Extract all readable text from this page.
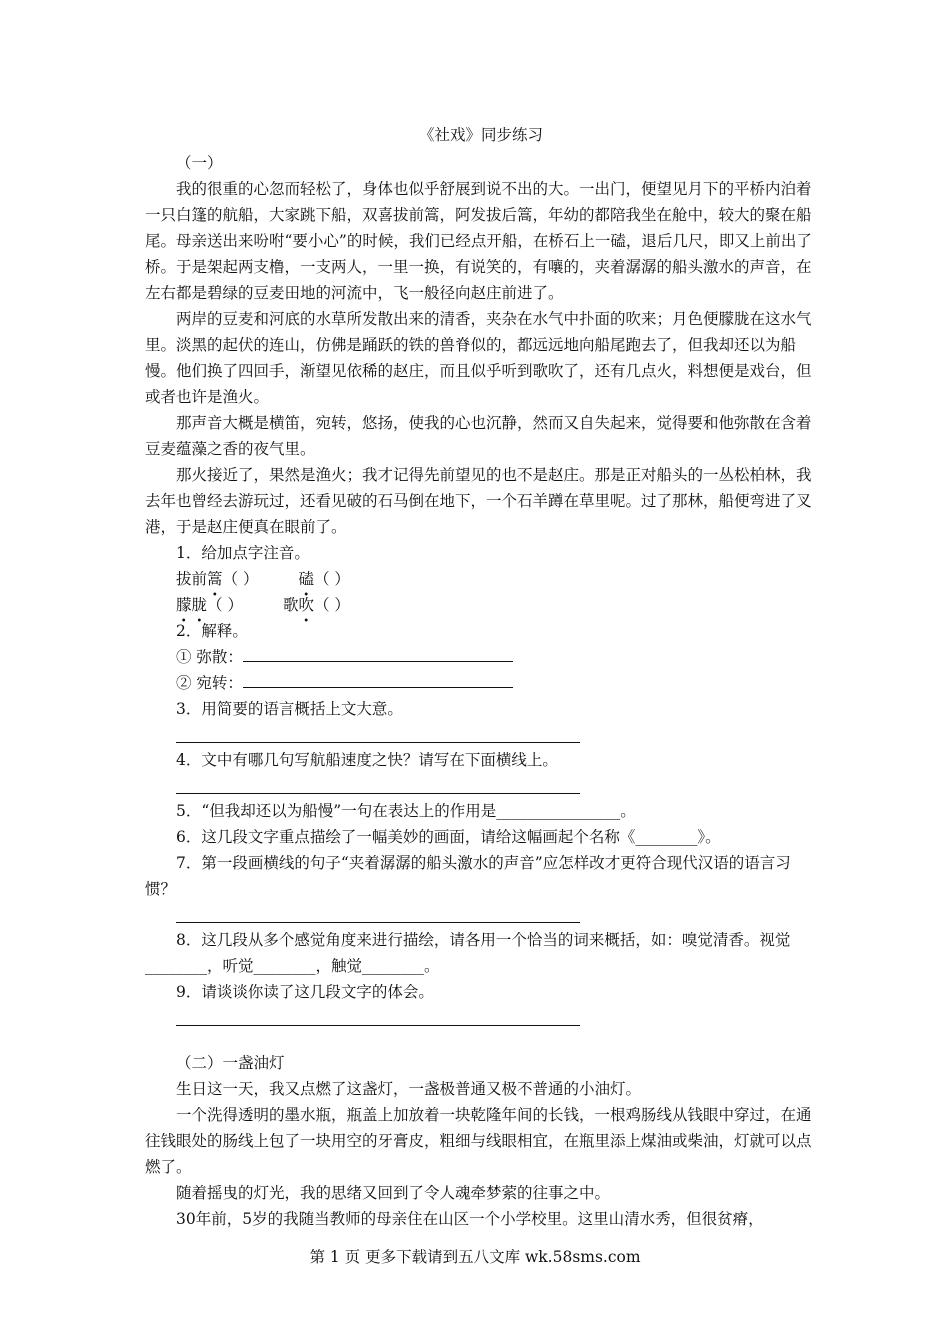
《社戏》同步练习

（一）

我的很重的心忽而轻松了，身体也似乎舒展到说不出的大。一出门，便望见月下的平桥内泊着一只白篷的航船，大家跳下船，双喜拔前篙，阿发拔后篙，年幼的都陪我坐在舱中，较大的聚在船尾。母亲送出来吩咐“要小心”的时候，我们已经点开船，在桥石上一磕，退后几尺，即又上前出了桥。于是架起两支橹，一支两人，一里一换，有说笑的，有嚷的，夹着潺潺的船头激水的声音，在左右都是碧绿的豆麦田地的河流中，飞一般径向赵庄前进了。

两岸的豆麦和河底的水草所发散出来的清香，夹杂在水气中扑面的吹来；月色便朦胧在这水气里。淡黑的起伏的连山，仿佛是踊跃的铁的兽脊似的，都远远地向船尾跑去了，但我却还以为船慢。他们换了四回手，渐望见依稀的赵庄，而且似乎听到歌吹了，还有几点火，料想便是戏台，但或者也许是渔火。

那声音大概是横笛，宛转，悠扬，使我的心也沉静，然而又自失起来，觉得要和他弥散在含着豆麦蕴藻之香的夜气里。

那火接近了，果然是渔火；我才记得先前望见的也不是赵庄。那是正对船头的一丛松柏林，我去年也曾经去游玩过，还看见破的石马倒在地下，一个石羊蹲在草里呢。过了那林，船便弯进了叉港，于是赵庄便真在眼前了。

1．给加点字注音。

拔前篙（ ）	磕（ ）

朦胧（ ）	歌吹（ ）

2．解释。

① 弥散：

② 宛转：

3．用简要的语言概括上文大意。

4．文中有哪几句写航船速度之快？请写在下面横线上。

5．“但我却还以为船慢”一句在表达上的作用是________________。

6．这几段文字重点描绘了一幅美妙的画面，请给这幅画起个名称《________》。

7．第一段画横线的句子“夹着潺潺的船头激水的声音”应怎样改才更符合现代汉语的语言习惯？

8．这几段从多个感觉角度来进行描绘，请各用一个恰当的词来概括，如：嗅觉清香。视觉________，听觉________，触觉________。

9．请谈谈你读了这几段文字的体会。

（二）一盏油灯

生日这一天，我又点燃了这盏灯，一盏极普通又极不普通的小油灯。

一个洗得透明的墨水瓶，瓶盖上加放着一块乾隆年间的长钱，一根鸡肠线从钱眼中穿过，在通往钱眼处的肠线上包了一块用空的牙膏皮，粗细与线眼相宜，在瓶里添上煤油或柴油，灯就可以点燃了。

随着摇曳的灯光，我的思绪又回到了令人魂牵梦萦的往事之中。

30年前，5岁的我随当教师的母亲住在山区一个小学校里。这里山清水秀，但很贫瘠，

第 1 页 更多下载请到五八文库 wk.58sms.com
